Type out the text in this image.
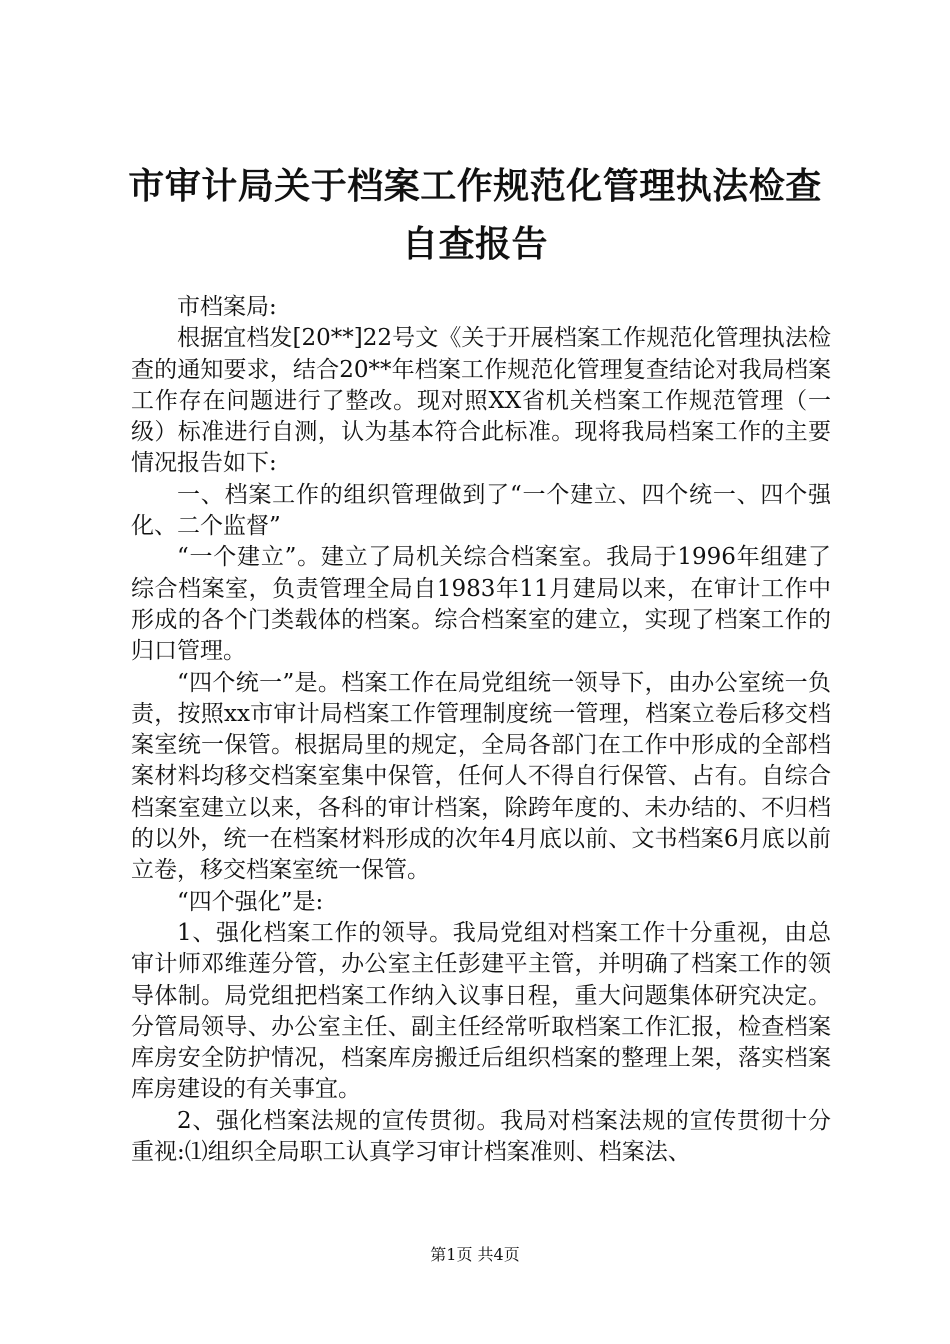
市审计局关于档案工作规范化管理执法检查自查报告

市档案局:

根据宜档发[20**]22号文《关于开展档案工作规范化管理执法检查的通知要求，结合20**年档案工作规范化管理复查结论对我局档案工作存在问题进行了整改。现对照XX省机关档案工作规范管理（一级）标准进行自测，认为基本符合此标准。现将我局档案工作的主要情况报告如下:

一、档案工作的组织管理做到了“一个建立、四个统一、四个强化、二个监督”

“一个建立”。建立了局机关综合档案室。我局于1996年组建了综合档案室，负责管理全局自1983年11月建局以来，在审计工作中形成的各个门类载体的档案。综合档案室的建立，实现了档案工作的归口管理。

“四个统一”是。档案工作在局党组统一领导下，由办公室统一负责，按照xx市审计局档案工作管理制度统一管理，档案立卷后移交档案室统一保管。根据局里的规定，全局各部门在工作中形成的全部档案材料均移交档案室集中保管，任何人不得自行保管、占有。自综合档案室建立以来，各科的审计档案，除跨年度的、未办结的、不归档的以外，统一在档案材料形成的次年4月底以前、文书档案6月底以前立卷，移交档案室统一保管。

“四个强化”是:

1、强化档案工作的领导。我局党组对档案工作十分重视，由总审计师邓维莲分管，办公室主任彭建平主管，并明确了档案工作的领导体制。局党组把档案工作纳入议事日程，重大问题集体研究决定。分管局领导、办公室主任、副主任经常听取档案工作汇报，检查档案库房安全防护情况，档案库房搬迁后组织档案的整理上架，落实档案库房建设的有关事宜。

2、强化档案法规的宣传贯彻。我局对档案法规的宣传贯彻十分重视:⑴组织全局职工认真学习审计档案准则、档案法、

第1页 共4页
